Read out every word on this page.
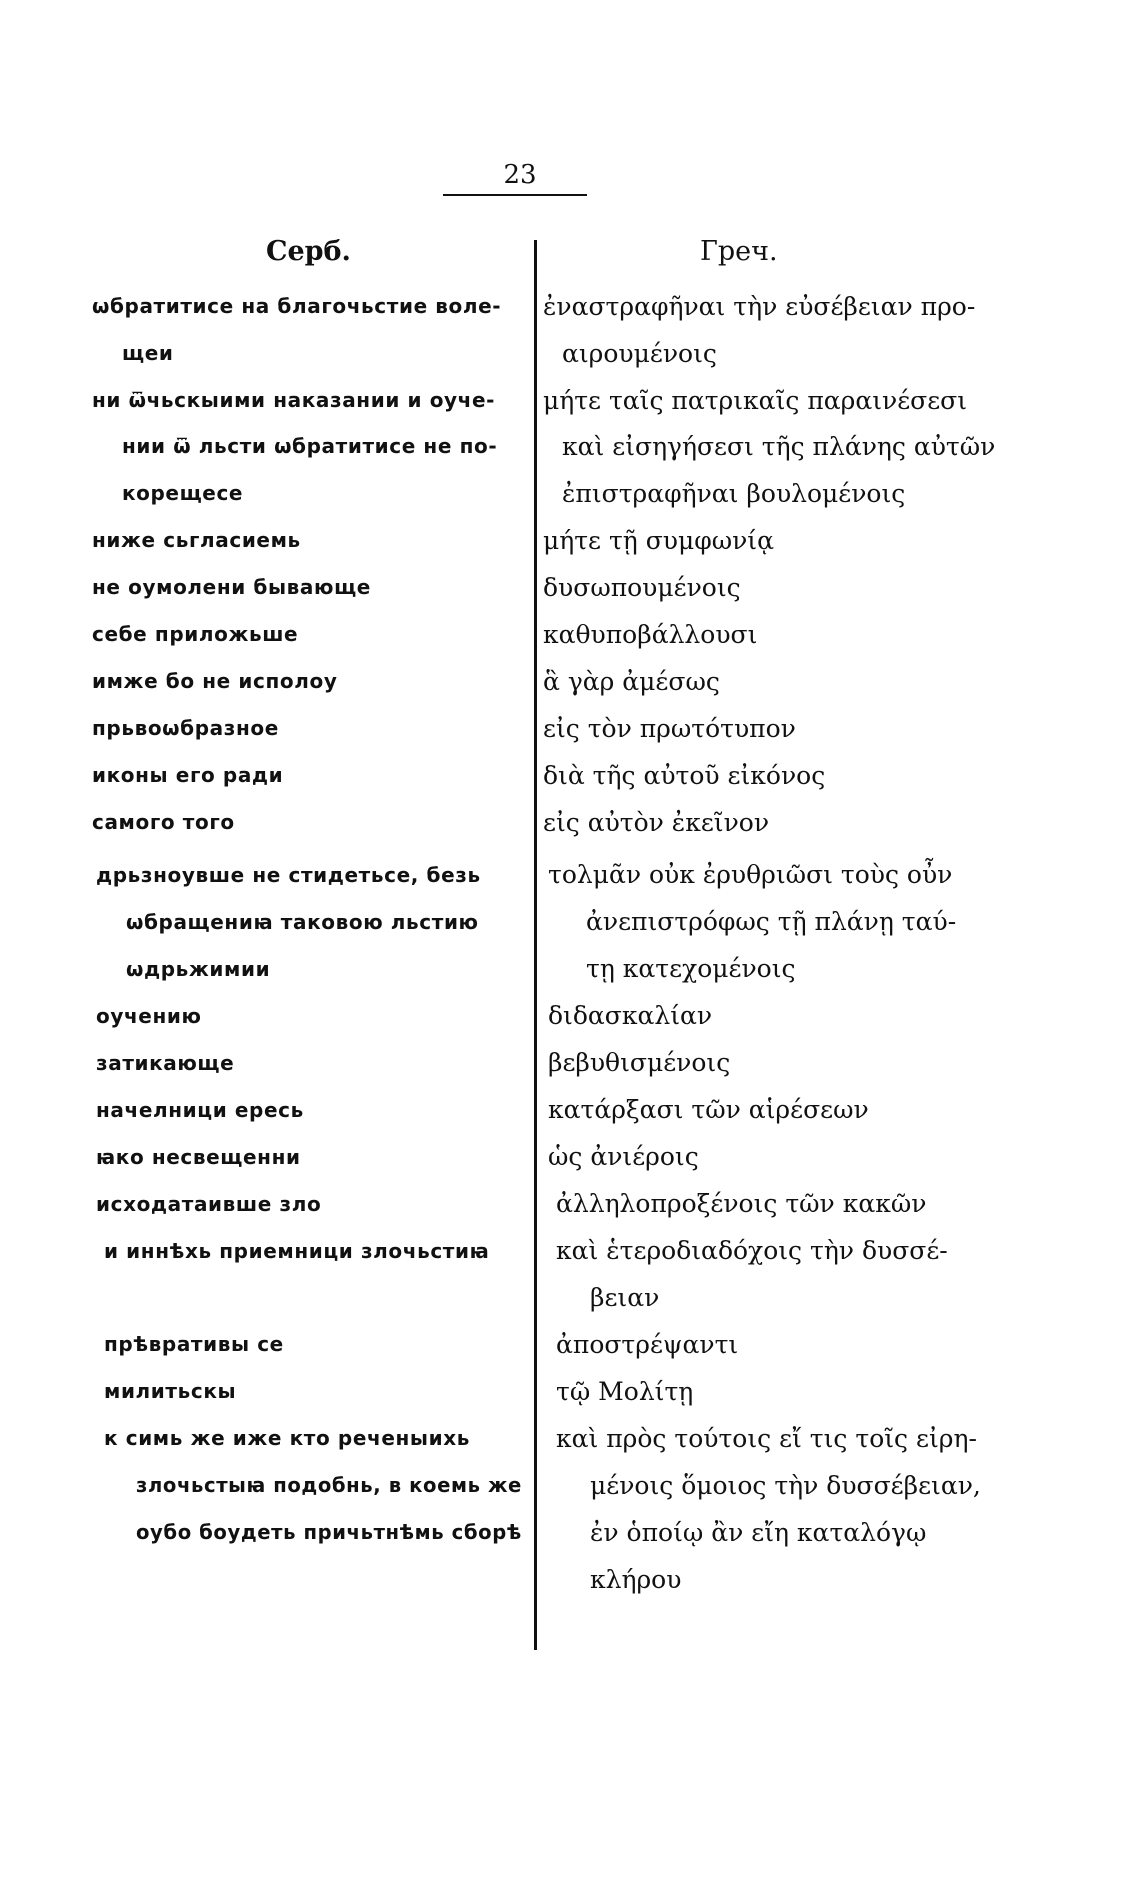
23
Серб.	Греч.
ѡбратитисе на благочьстие воле-
щеи
ни ѿчьскыими наказании и оуче-
нии ѿ льсти ѡбратитисе не по-
корещесе
ниже сьгласиемь
не оумолени бывающе
себе приложьше
имже бо не исполоу
прьвоѡбразное
иконы его ради
самого того
дрьзноувше не стидетьсе, безь
ѡбращениꙗ таковою льстию
ѡдрьжимии
оучению
затикающе
начелници ересь
ꙗко несвещенни
исходатаивше зло
и иннѣхь приемници злочьстиꙗ
прѣвративы се
милитьскы
к симь же иже кто реченыихь
злочьстыꙗ подобнь, в коемь же
оубо боудеть причьтнѣмь сборѣ
ἐναστραφῆναι τὴν εὐσέβειαν προ-
αιρουμένοις
μήτε ταῖς πατρικαῖς παραινέσεσι
καὶ εἰσηγήσεσι τῆς πλάνης αὐτῶν
ἐπιστραφῆναι βουλομένοις
μήτε τῇ συμφωνίᾳ
δυσωπουμένοις
καθυποβάλλουσι
ἃ γὰρ ἀμέσως
εἰς τὸν πρωτότυπον
διὰ τῆς αὐτοῦ εἰκόνος
εἰς αὐτὸν ἐκεῖνον
τολμᾶν οὐκ ἐρυθριῶσι τοὺς οὖν
ἀνεπιστρόφως τῇ πλάνῃ ταύ-
τῃ κατεχομένοις
διδασκαλίαν
βεβυθισμένοις
κατάρξασι τῶν αἱρέσεων
ὡς ἀνιέροις
ἀλληλοπροξένοις τῶν κακῶν
καὶ ἑτεροδιαδόχοις τὴν δυσσέ-
βειαν
ἀποστρέψαντι
τῷ Μολίτῃ
καὶ πρὸς τούτοις εἴ τις τοῖς εἰρη-
μένοις ὅμοιος τὴν δυσσέβειαν,
ἐν ὁποίῳ ἂν εἴη καταλόγῳ
κλήρου
